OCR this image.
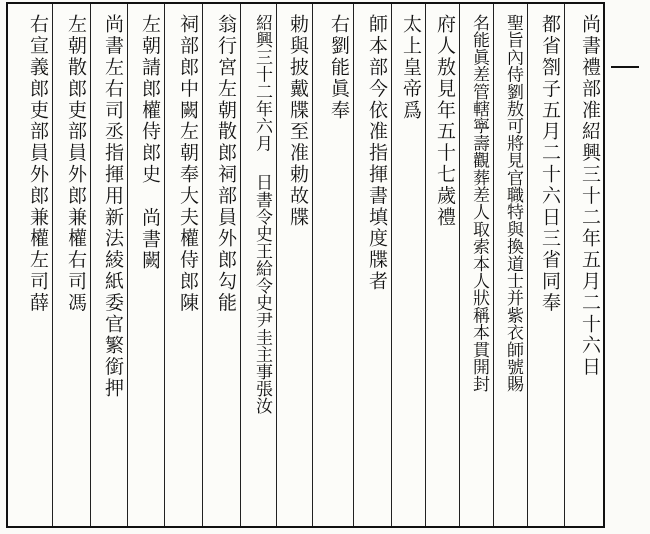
尚書禮部准紹興三十二年五月二十六日
都省劄子五月二十六日三省同奉
聖旨內侍劉敖可將見官職特與換道士并紫衣師號賜
名能眞差管轄寧壽觀葬差人取索本人狀稱本貫開封
府人敖見年五十七歲禮
太上皇帝爲
師本部今依准指揮書填度牒者
右劉能眞奉
勅與披戴牒至准勅故牒
紹興三十二年六月日書令史王給令史尹圭主事張汝
翁行宮左朝散郎祠部員外郎勾能
祠部郎中闕左朝奉大夫權侍郎陳
左朝請郎權侍郎史尚書闕
尚書左右司丞指揮用新法綾紙委官繁銜押
左朝散郎吏部員外郎兼權右司馮
右宣義郎吏部員外郎兼權左司薛
